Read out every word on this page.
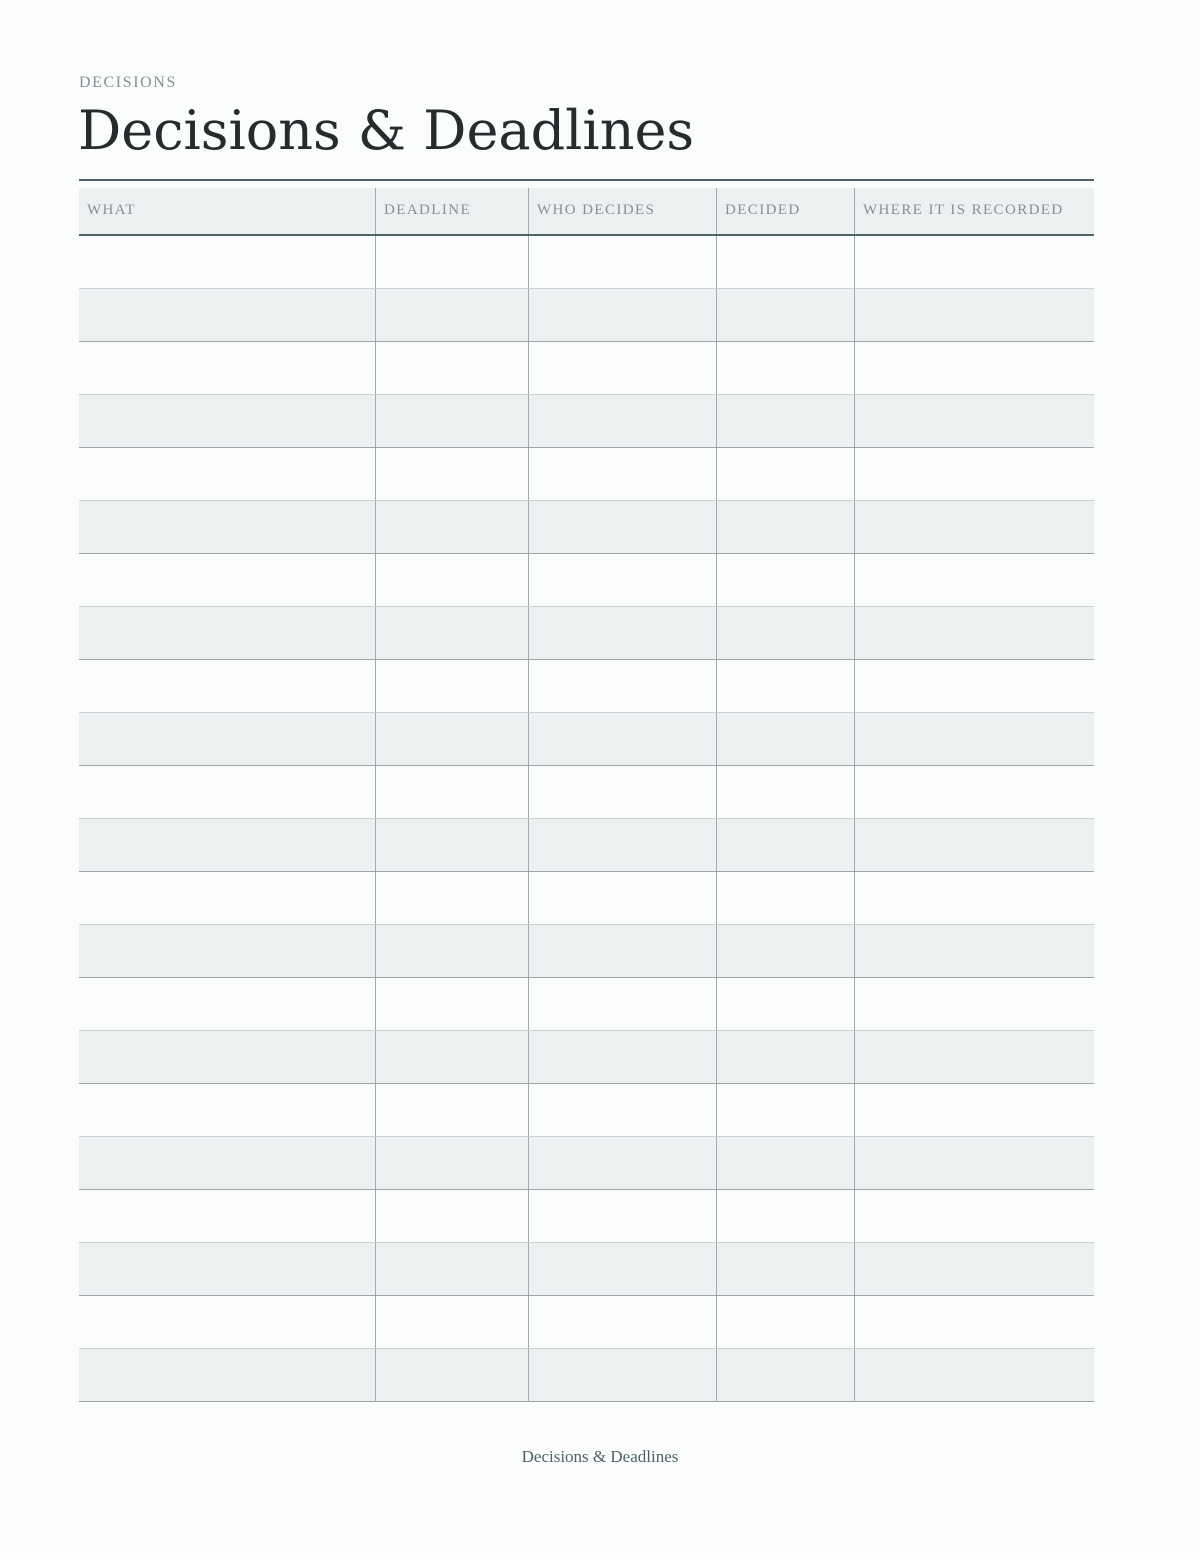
DECISIONS
Decisions & Deadlines
WHAT	DEADLINE	WHO DECIDES	DECIDED	WHERE IT IS RECORDED
Decisions & Deadlines
